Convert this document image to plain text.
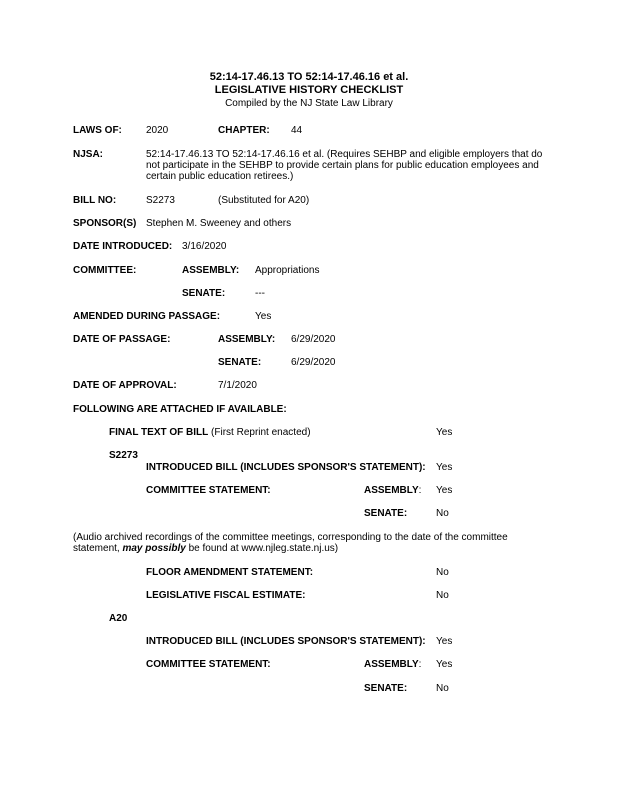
52:14-17.46.13 TO 52:14-17.46.16 et al.
LEGISLATIVE HISTORY CHECKLIST
Compiled by the NJ State Law Library
LAWS OF: 2020	CHAPTER: 44
NJSA:	52:14-17.46.13 TO 52:14-17.46.16 et al. (Requires SEHBP and eligible employers that do
not participate in the SEHBP to provide certain plans for public education employees and
certain public education retirees.)
BILL NO:	S2273	(Substituted for A20)
SPONSOR(S) Stephen M. Sweeney and others
DATE INTRODUCED: 3/16/2020
COMMITTEE:	ASSEMBLY: Appropriations
SENATE:	---
AMENDED DURING PASSAGE:	Yes
DATE OF PASSAGE:	ASSEMBLY: 6/29/2020
SENATE:	6/29/2020
DATE OF APPROVAL:	7/1/2020
FOLLOWING ARE ATTACHED IF AVAILABLE:
FINAL TEXT OF BILL (First Reprint enacted)	Yes
S2273
INTRODUCED BILL (INCLUDES SPONSOR'S STATEMENT): Yes
COMMITTEE STATEMENT:	ASSEMBLY: Yes
SENATE:	No
(Audio archived recordings of the committee meetings, corresponding to the date of the committee
statement, may possibly be found at www.njleg.state.nj.us)
FLOOR AMENDMENT STATEMENT:	No
LEGISLATIVE FISCAL ESTIMATE:	No
A20
INTRODUCED BILL (INCLUDES SPONSOR'S STATEMENT): Yes
COMMITTEE STATEMENT:	ASSEMBLY: Yes
SENATE:	No
